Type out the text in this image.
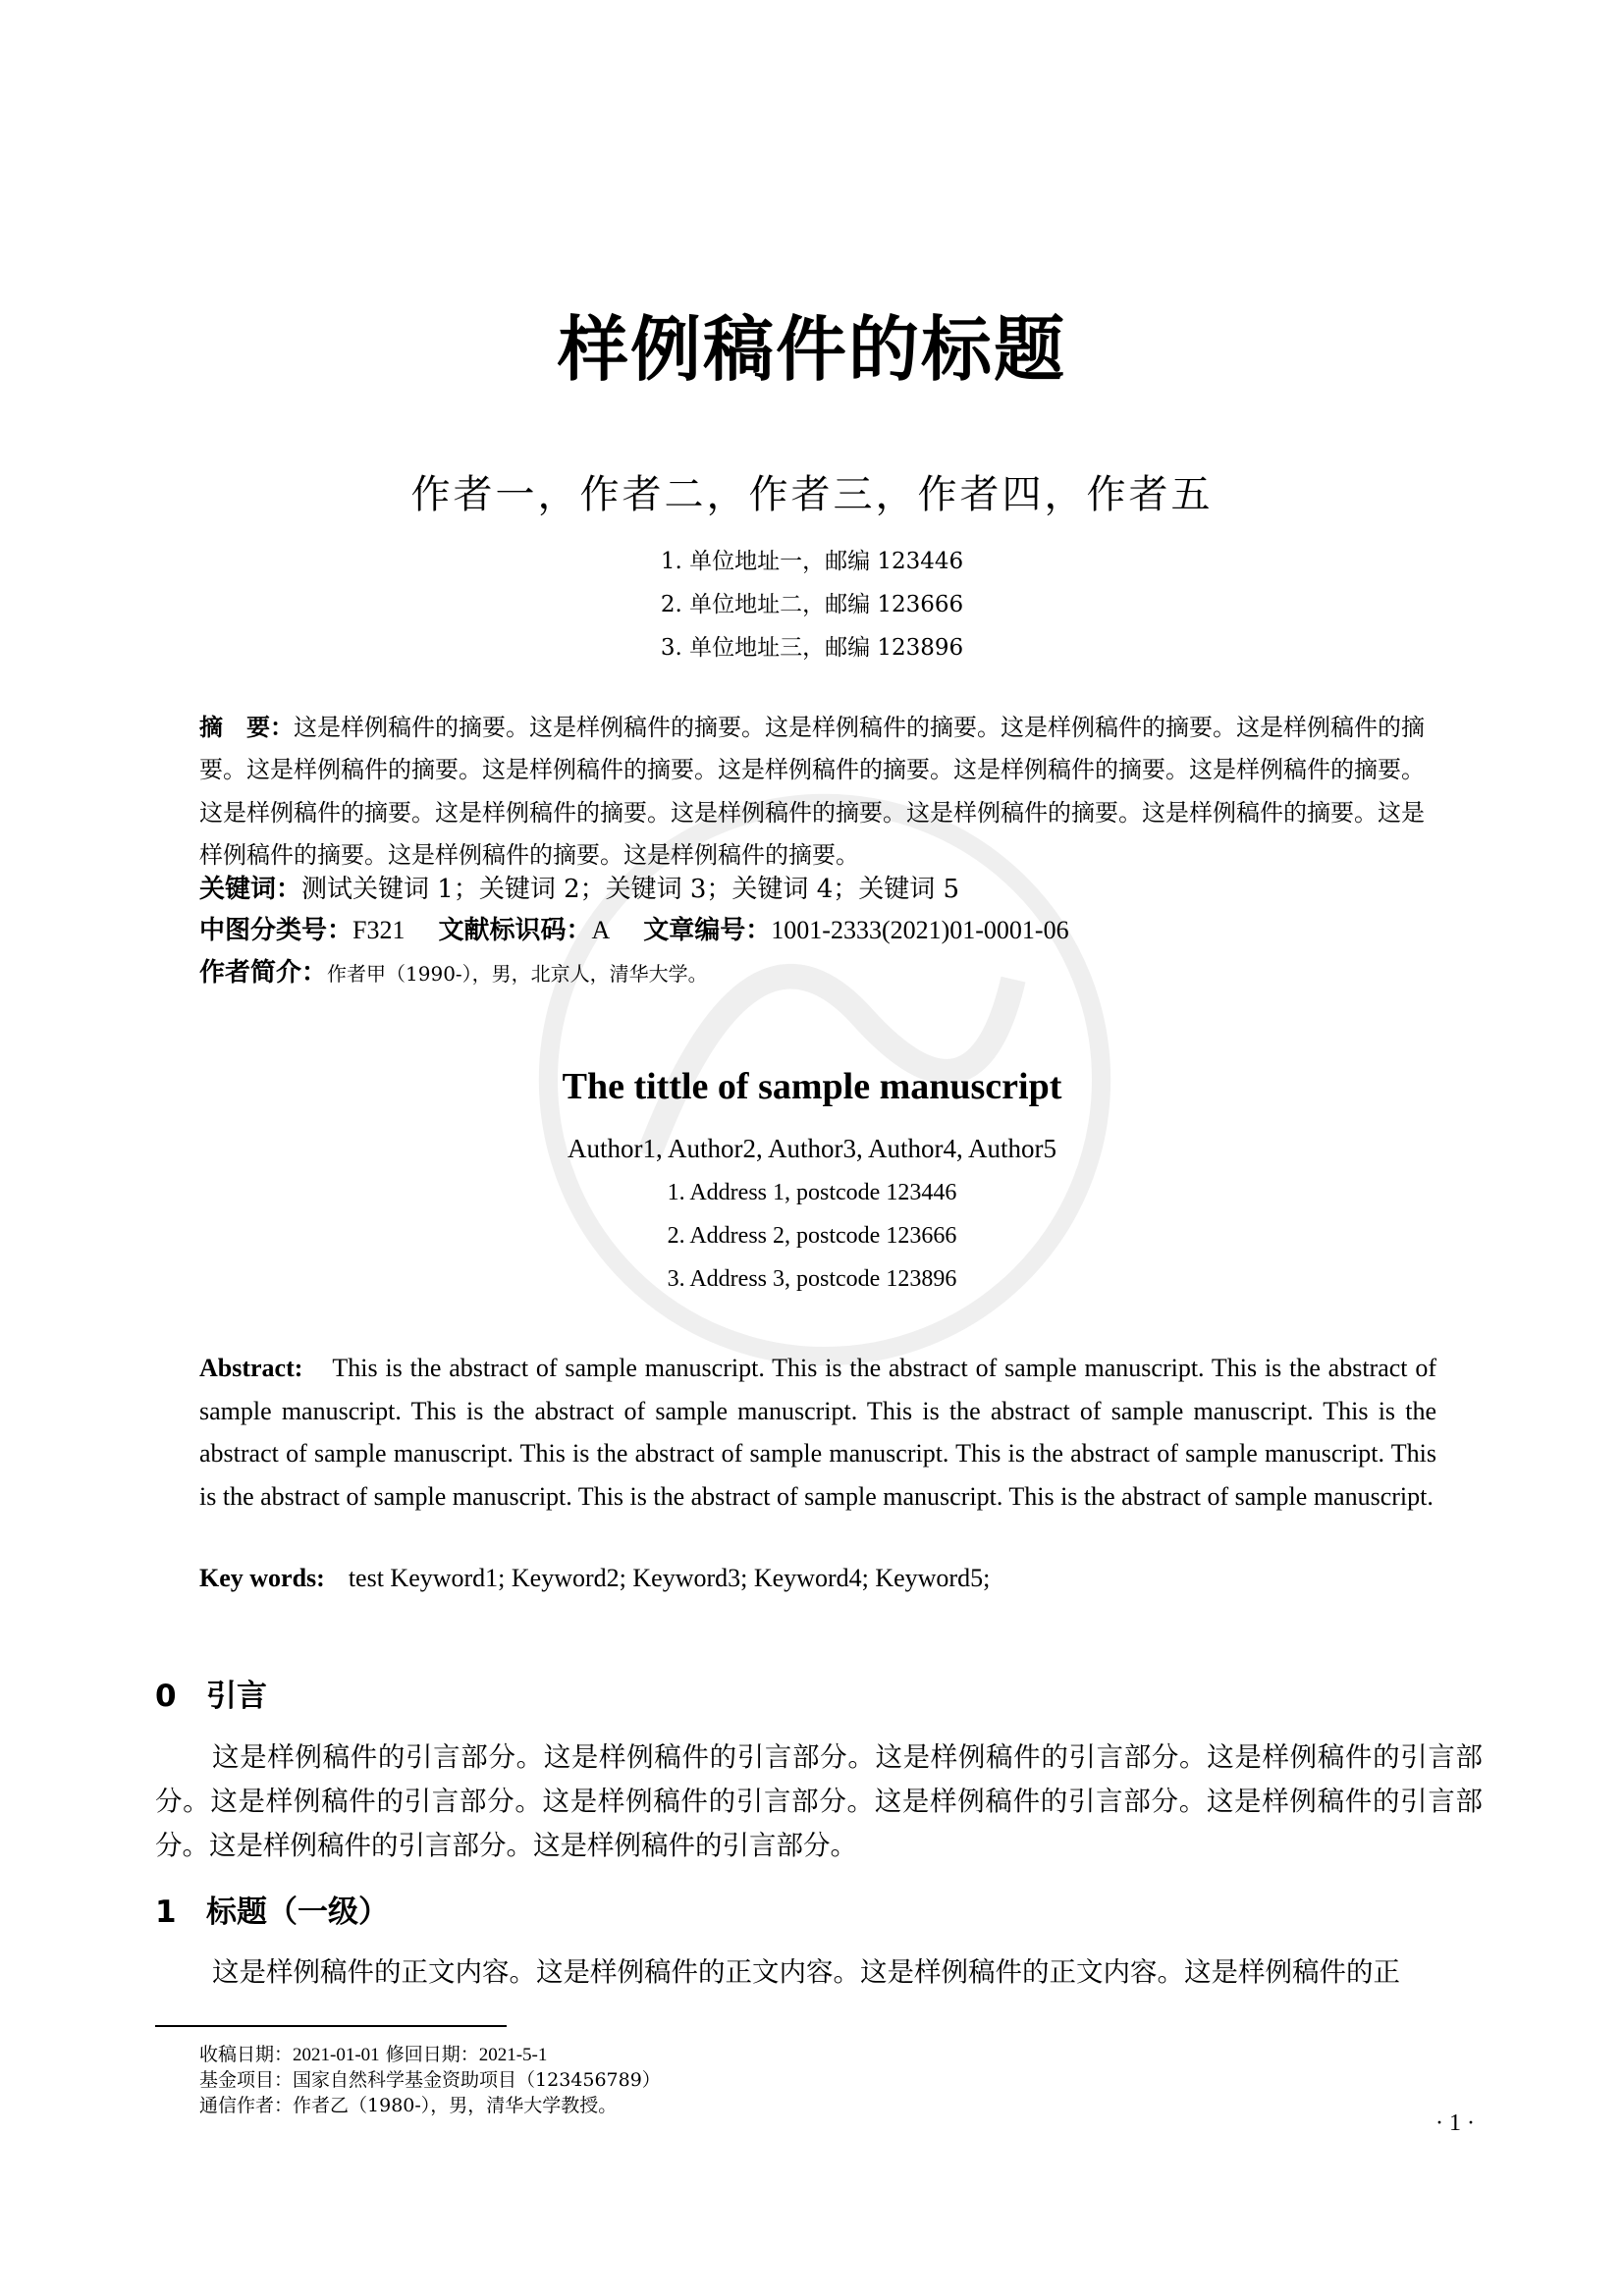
样例稿件的标题
作者一，作者二，作者三，作者四，作者五
1. 单位地址一，邮编 123446
2. 单位地址二，邮编 123666
3. 单位地址三，邮编 123896
摘　要：这是样例稿件的摘要。这是样例稿件的摘要。这是样例稿件的摘要。这是样例稿件的摘要。这是样例稿件的摘要。这是样例稿件的摘要。这是样例稿件的摘要。这是样例稿件的摘要。这是样例稿件的摘要。这是样例稿件的摘要。这是样例稿件的摘要。这是样例稿件的摘要。这是样例稿件的摘要。这是样例稿件的摘要。这是样例稿件的摘要。这是样例稿件的摘要。这是样例稿件的摘要。这是样例稿件的摘要。
关键词：测试关键词 1；关键词 2；关键词 3；关键词 4；关键词 5
中图分类号：F321 文献标识码：A 文章编号：1001-2333(2021)01-0001-06
作者简介：作者甲（1990-），男，北京人，清华大学。
The tittle of sample manuscript
Author1, Author2, Author3, Author4, Author5
1. Address 1, postcode 123446
2. Address 2, postcode 123666
3. Address 3, postcode 123896
Abstract: This is the abstract of sample manuscript. This is the abstract of sample manuscript. This is the abstract of sample manuscript. This is the abstract of sample manuscript. This is the abstract of sample manuscript. This is the abstract of sample manuscript. This is the abstract of sample manuscript. This is the abstract of sample manuscript. This is the abstract of sample manuscript. This is the abstract of sample manuscript. This is the abstract of sample manuscript.
Key words: test Keyword1; Keyword2; Keyword3; Keyword4; Keyword5;
0 引言
这是样例稿件的引言部分。这是样例稿件的引言部分。这是样例稿件的引言部分。这是样例稿件的引言部分。这是样例稿件的引言部分。这是样例稿件的引言部分。这是样例稿件的引言部分。这是样例稿件的引言部分。这是样例稿件的引言部分。这是样例稿件的引言部分。
1 标题（一级）
这是样例稿件的正文内容。这是样例稿件的正文内容。这是样例稿件的正文内容。这是样例稿件的正
收稿日期：2021-01-01 修回日期：2021-5-1
基金项目：国家自然科学基金资助项目（123456789）
通信作者：作者乙（1980-），男，清华大学教授。
· 1 ·
